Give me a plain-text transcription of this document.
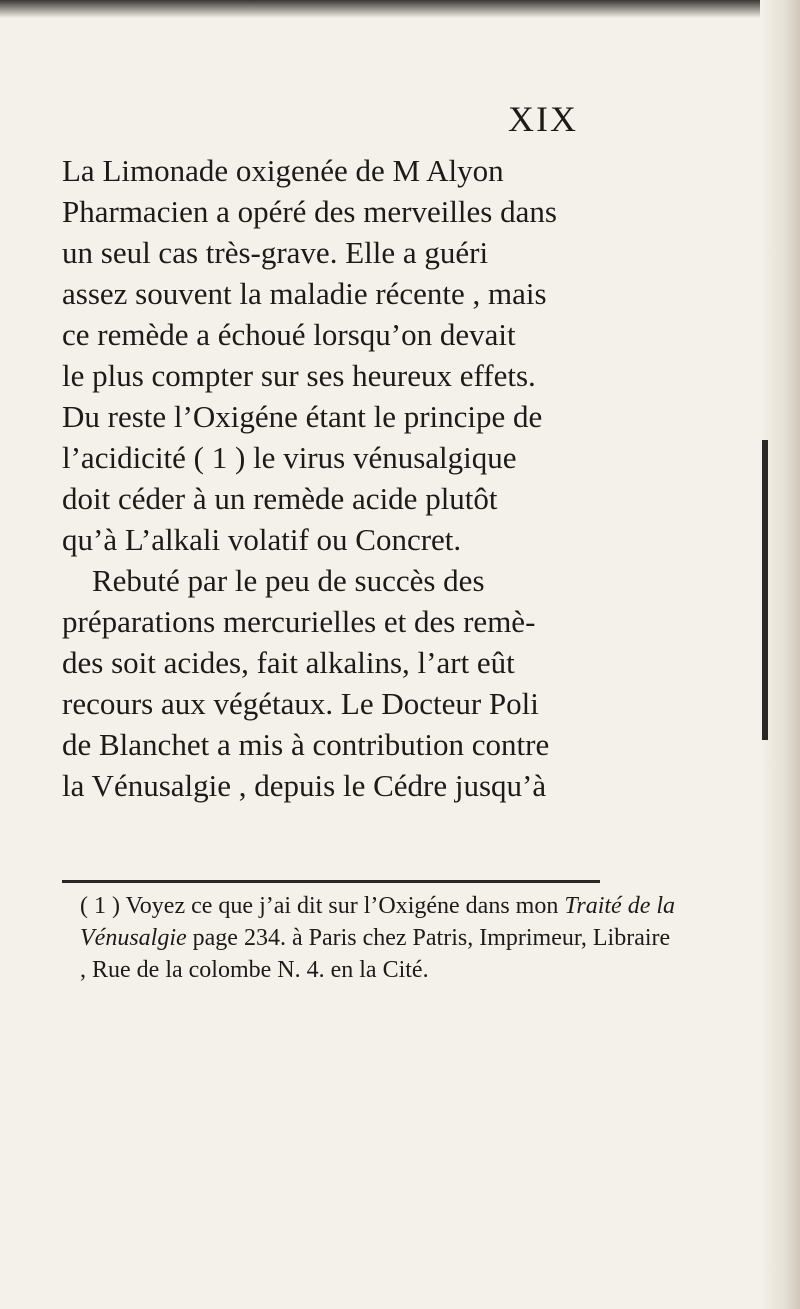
XIX

La Limonade oxigenée de M Alyon
Pharmacien a opéré des merveilles dans
un seul cas très-grave. Elle a guéri
assez souvent la maladie récente , mais
ce remède a échoué lorsqu’on devait
le plus compter sur ses heureux effets.
Du reste l’Oxigéne étant le principe de
l’acidicité ( 1 ) le virus vénusalgique
doit céder à un remède acide plutôt
qu’à L’alkali volatif ou Concret.

Rebuté par le peu de succès des
préparations mercurielles et des remè-
des soit acides, fait alkalins, l’art eût
recours aux végétaux. Le Docteur Poli
de Blanchet a mis à contribution contre
la Vénusalgie , depuis le Cédre jusqu’à

( 1 ) Voyez ce que j’ai dit sur l’Oxigéne dans mon Traité de la Vénusalgie page 234. à Paris chez Patris, Imprimeur, Libraire , Rue de la colombe N. 4. en la Cité.
